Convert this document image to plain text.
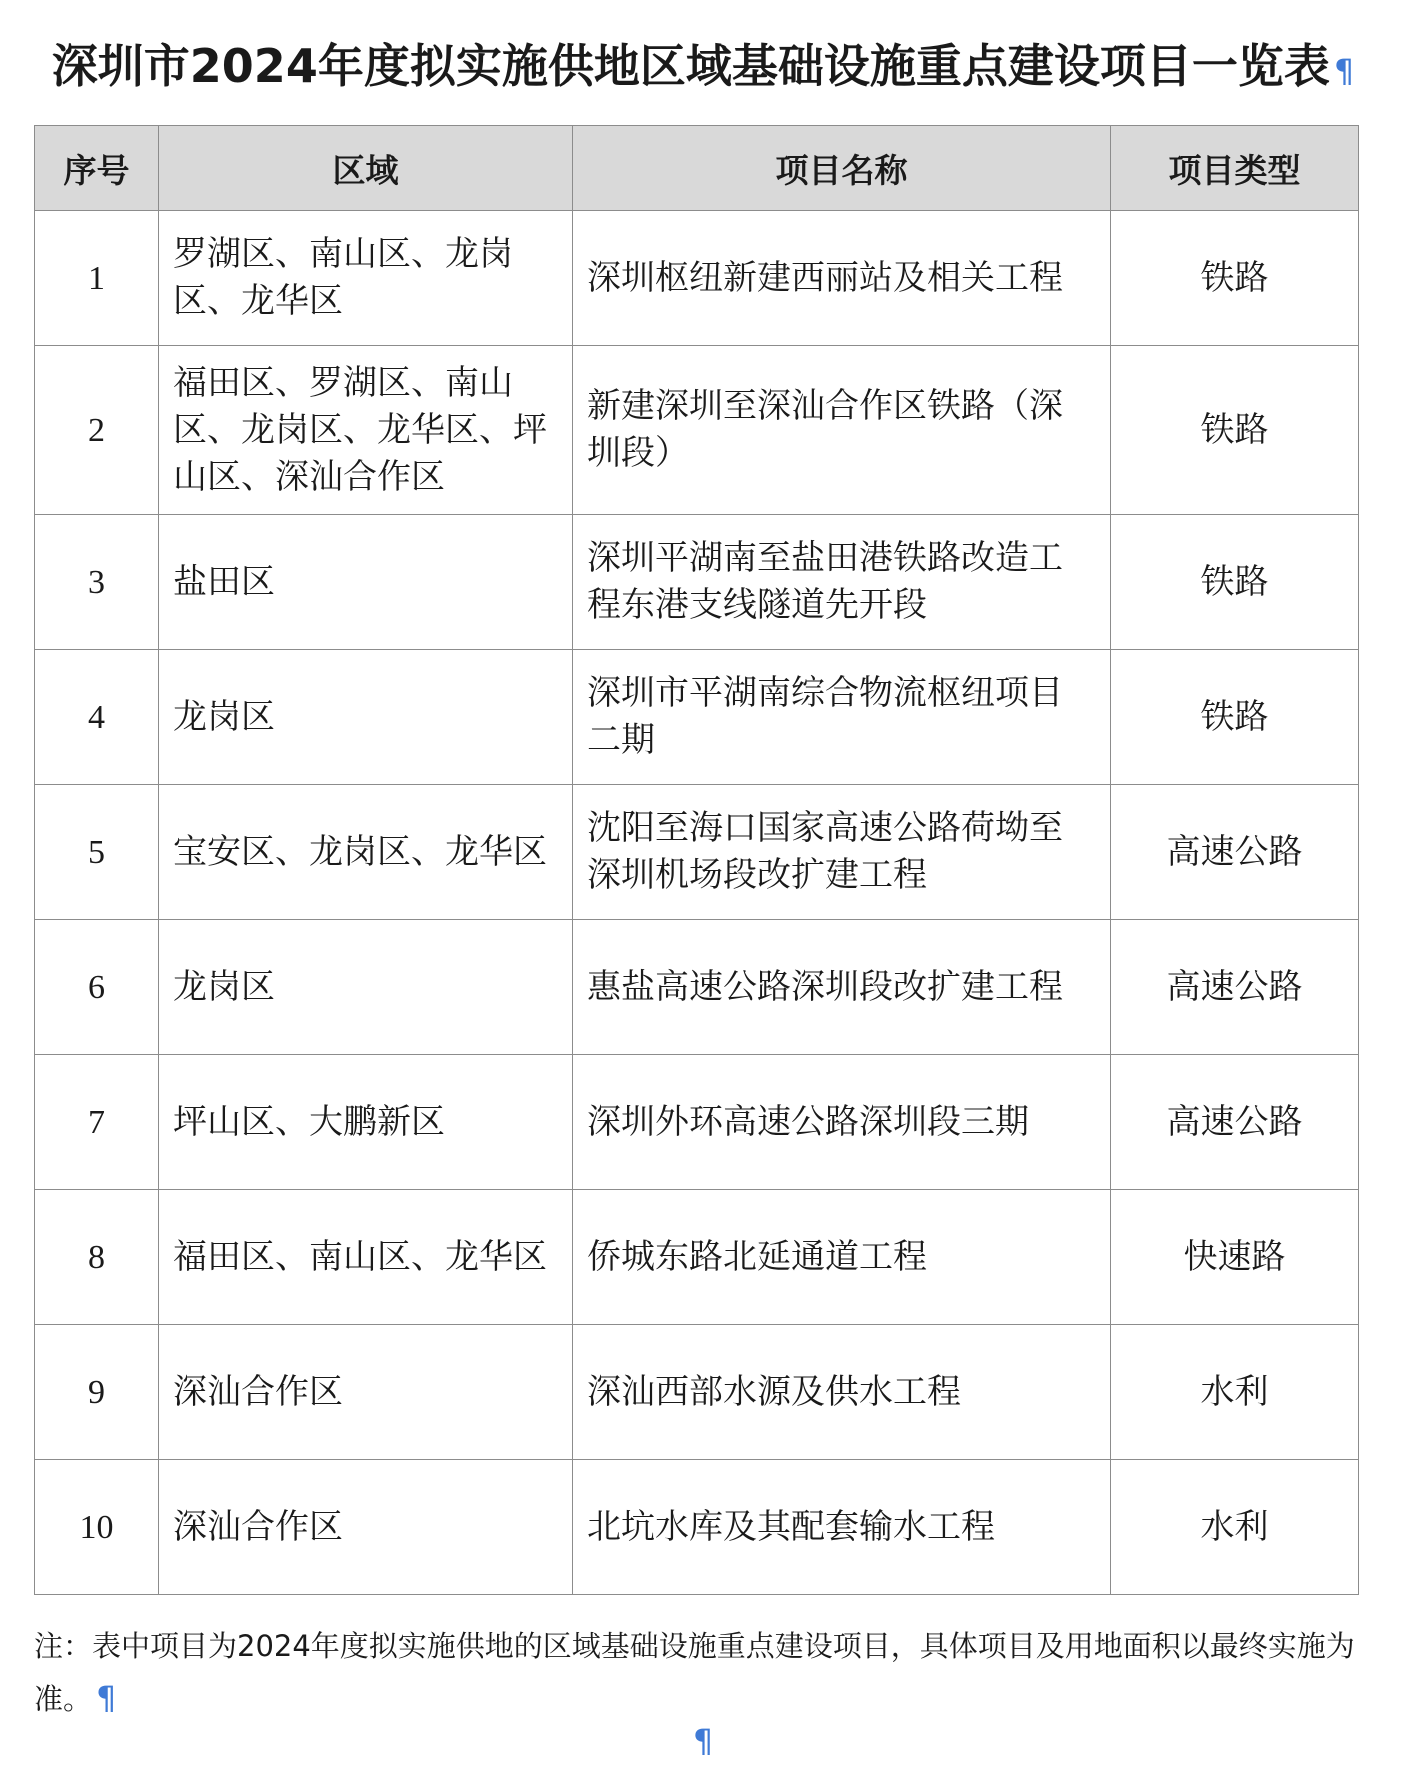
深圳市2024年度拟实施供地区域基础设施重点建设项目一览表 ¶
序号	区域	项目名称	项目类型
1	罗湖区、南山区、龙岗区、龙华区	深圳枢纽新建西丽站及相关工程	铁路
2	福田区、罗湖区、南山区、龙岗区、龙华区、坪山区、深汕合作区	新建深圳至深汕合作区铁路（深圳段）	铁路
3	盐田区	深圳平湖南至盐田港铁路改造工程东港支线隧道先开段	铁路
4	龙岗区	深圳市平湖南综合物流枢纽项目二期	铁路
5	宝安区、龙岗区、龙华区	沈阳至海口国家高速公路荷坳至深圳机场段改扩建工程	高速公路
6	龙岗区	惠盐高速公路深圳段改扩建工程	高速公路
7	坪山区、大鹏新区	深圳外环高速公路深圳段三期	高速公路
8	福田区、南山区、龙华区	侨城东路北延通道工程	快速路
9	深汕合作区	深汕西部水源及供水工程	水利
10	深汕合作区	北坑水库及其配套输水工程	水利
注：表中项目为2024年度拟实施供地的区域基础设施重点建设项目，具体项目及用地面积以最终实施为准。 ¶
¶
